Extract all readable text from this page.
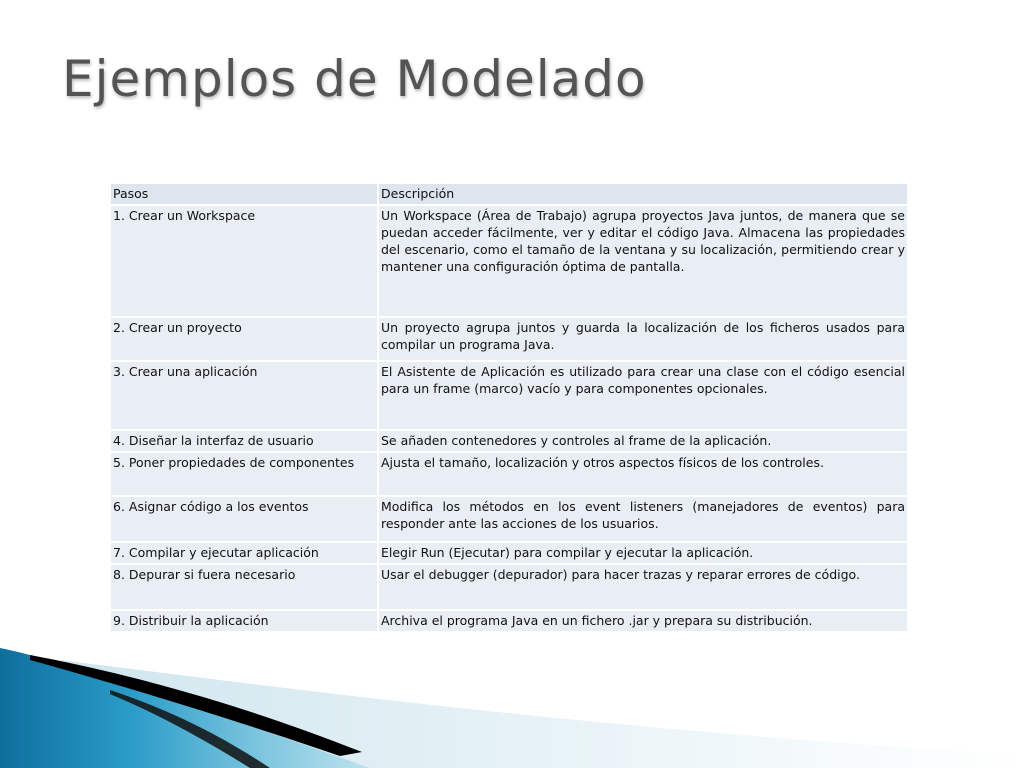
Ejemplos de Modelado
Pasos	Descripción
1. Crear un Workspace	Un Workspace (Área de Trabajo) agrupa proyectos Java juntos, de manera que se puedan acceder fácilmente, ver y editar el código Java. Almacena las propiedades del escenario, como el tamaño de la ventana y su localización, permitiendo crear y mantener una configuración óptima de pantalla.
2. Crear un proyecto	Un proyecto agrupa juntos y guarda la localización de los ficheros usados para compilar un programa Java.
3. Crear una aplicación	El Asistente de Aplicación es utilizado para crear una clase con el código esencial para un frame (marco) vacío y para componentes opcionales.
4. Diseñar la interfaz de usuario	Se añaden contenedores y controles al frame de la aplicación.
5. Poner propiedades de componentes	Ajusta el tamaño, localización y otros aspectos físicos de los controles.
6. Asignar código a los eventos	Modifica los métodos en los event listeners (manejadores de eventos) para responder ante las acciones de los usuarios.
7. Compilar y ejecutar aplicación	Elegir Run (Ejecutar) para compilar y ejecutar la aplicación.
8. Depurar si fuera necesario	Usar el debugger (depurador) para hacer trazas y reparar errores de código.
9. Distribuir la aplicación	Archiva el programa Java en un fichero .jar y prepara su distribución.
